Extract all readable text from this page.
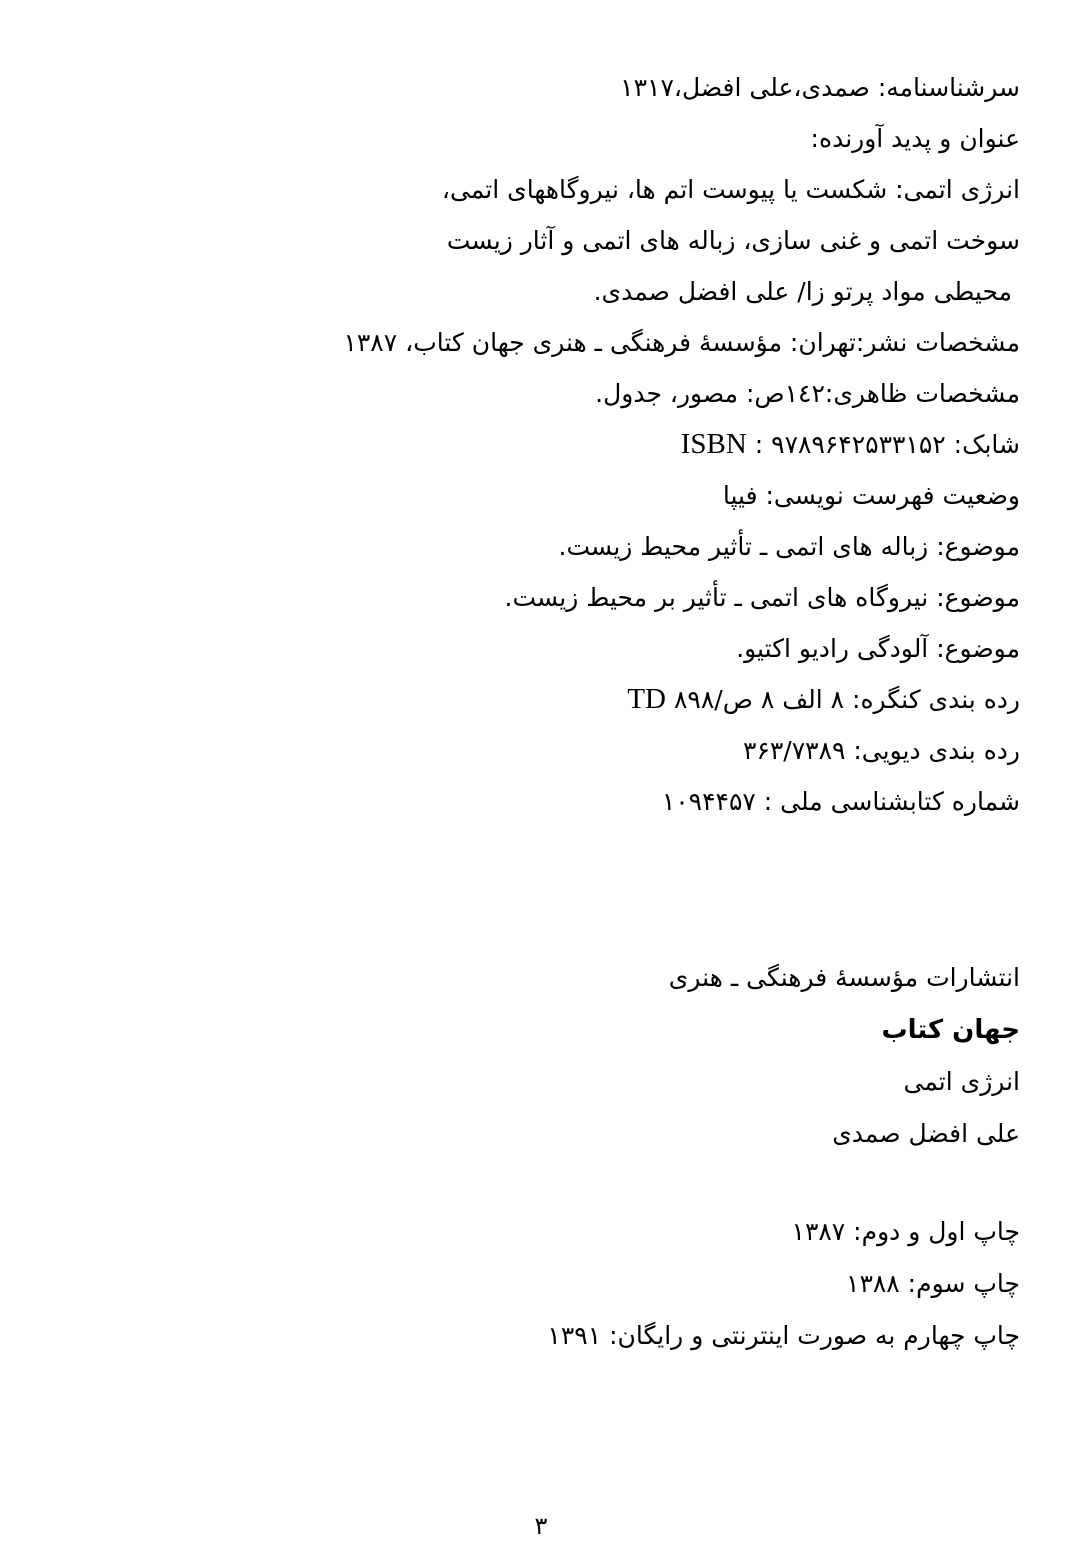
سرشناسنامه: صمدی،علی افضل،۱۳۱۷
عنوان و پدید آورنده:
انرژی اتمی: شکست یا پیوست اتم ها، نیروگاههای اتمی،
سوخت اتمی و غنی سازی، زباله های اتمی و آثار زیست
محیطی مواد پرتو زا/ علی افضل صمدی.
مشخصات نشر:تهران: مؤسسهٔ فرهنگی ـ هنری جهان کتاب، ۱۳۸۷
مشخصات ظاهری:۱٤۲ص: مصور، جدول.
شابک: ۹۷۸۹۶۴۲۵۳۳۱۵۲ : ISBN
وضعیت فهرست نویسی: فیپا
موضوع: زباله های اتمی ـ تأثیر محیط زیست.
موضوع: نیروگاه های اتمی ـ تأثیر بر محیط زیست.
موضوع: آلودگی رادیو اکتیو.
رده بندی کنگره: ۸ الف ۸ ص/۸۹۸ TD
رده بندی دیویی: ۳۶۳/۷۳۸۹
شماره کتابشناسی ملی : ۱۰۹۴۴۵۷
انتشارات مؤسسهٔ فرهنگی ـ هنری
جهان کتاب
انرژی اتمی
علی افضل صمدی
چاپ اول و دوم: ۱۳۸۷
چاپ سوم: ۱۳۸۸
چاپ چهارم به صورت اینترنتی و رایگان: ۱۳۹۱
۳
